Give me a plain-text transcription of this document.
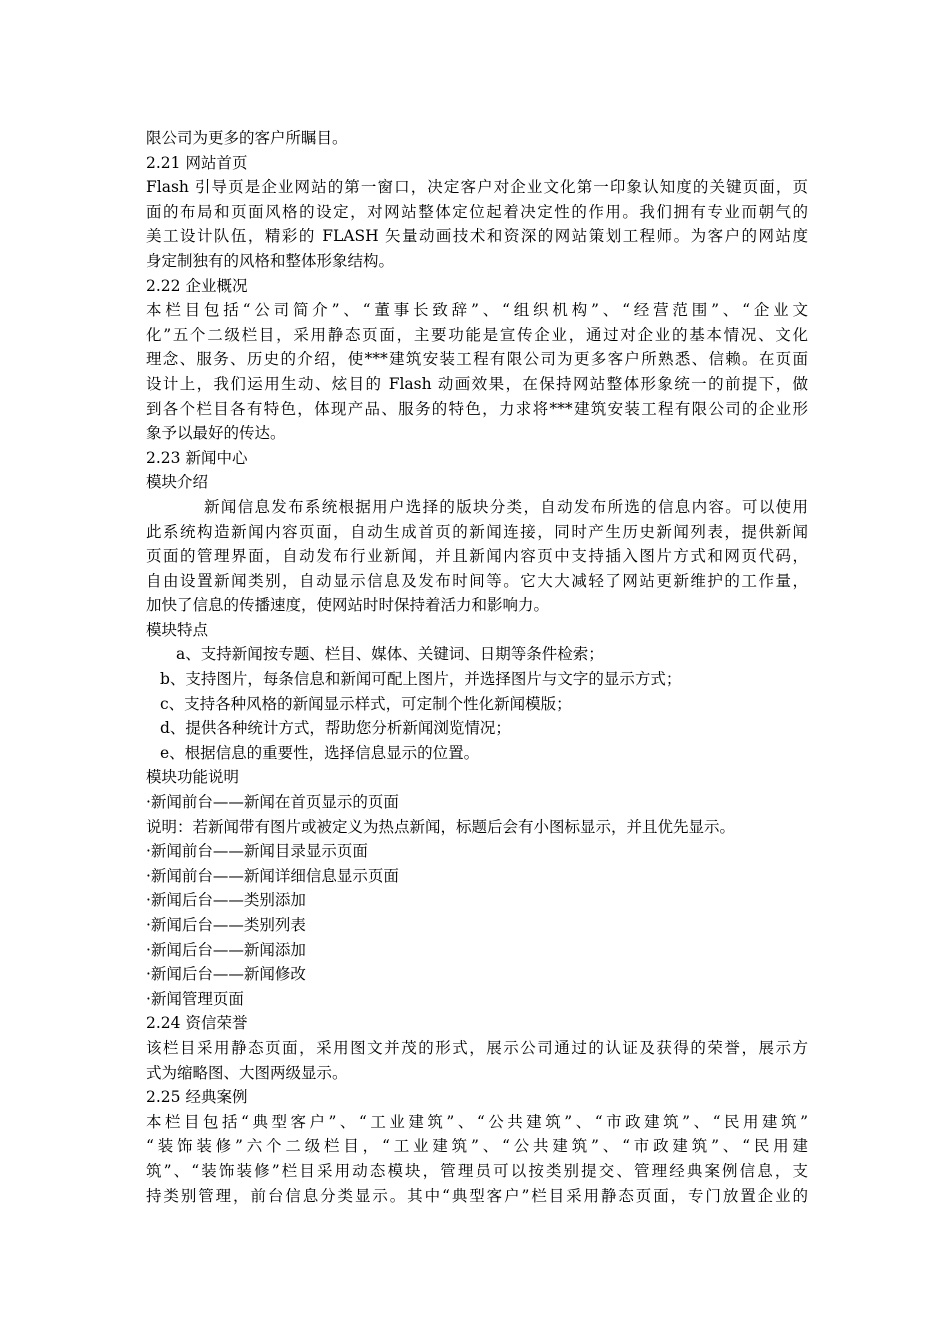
限公司为更多的客户所瞩目。
2.21 网站首页
Flash 引导页是企业网站的第一窗口，决定客户对企业文化第一印象认知度的关键页面，页
面的布局和页面风格的设定，对网站整体定位起着决定性的作用。我们拥有专业而朝气的
美工设计队伍，精彩的 FLASH 矢量动画技术和资深的网站策划工程师。为客户的网站度
身定制独有的风格和整体形象结构。
2.22 企业概况
本栏目包括“公司简介”、“董事长致辞”、“组织机构”、“经营范围”、“企业文
化”五个二级栏目，采用静态页面，主要功能是宣传企业，通过对企业的基本情况、文化
理念、服务、历史的介绍，使***建筑安装工程有限公司为更多客户所熟悉、信赖。在页面
设计上，我们运用生动、炫目的 Flash 动画效果，在保持网站整体形象统一的前提下，做
到各个栏目各有特色，体现产品、服务的特色，力求将***建筑安装工程有限公司的企业形
象予以最好的传达。
2.23 新闻中心
模块介绍
新闻信息发布系统根据用户选择的版块分类，自动发布所选的信息内容。可以使用
此系统构造新闻内容页面，自动生成首页的新闻连接，同时产生历史新闻列表，提供新闻
页面的管理界面，自动发布行业新闻，并且新闻内容页中支持插入图片方式和网页代码，
自由设置新闻类别，自动显示信息及发布时间等。它大大减轻了网站更新维护的工作量，
加快了信息的传播速度，使网站时时保持着活力和影响力。
模块特点
a、支持新闻按专题、栏目、媒体、关键词、日期等条件检索；
b、支持图片，每条信息和新闻可配上图片，并选择图片与文字的显示方式；
c、支持各种风格的新闻显示样式，可定制个性化新闻模版；
d、提供各种统计方式，帮助您分析新闻浏览情况；
e、根据信息的重要性，选择信息显示的位置。
模块功能说明
·新闻前台——新闻在首页显示的页面
说明：若新闻带有图片或被定义为热点新闻，标题后会有小图标显示，并且优先显示。
·新闻前台——新闻目录显示页面
·新闻前台——新闻详细信息显示页面
·新闻后台——类别添加
·新闻后台——类别列表
·新闻后台——新闻添加
·新闻后台——新闻修改
·新闻管理页面
2.24 资信荣誉
该栏目采用静态页面，采用图文并茂的形式，展示公司通过的认证及获得的荣誉，展示方
式为缩略图、大图两级显示。
2.25 经典案例
本栏目包括“典型客户”、“工业建筑”、“公共建筑”、“市政建筑”、“民用建筑”
“装饰装修”六个二级栏目，“工业建筑”、“公共建筑”、“市政建筑”、“民用建
筑”、“装饰装修”栏目采用动态模块，管理员可以按类别提交、管理经典案例信息，支
持类别管理，前台信息分类显示。其中“典型客户”栏目采用静态页面，专门放置企业的
